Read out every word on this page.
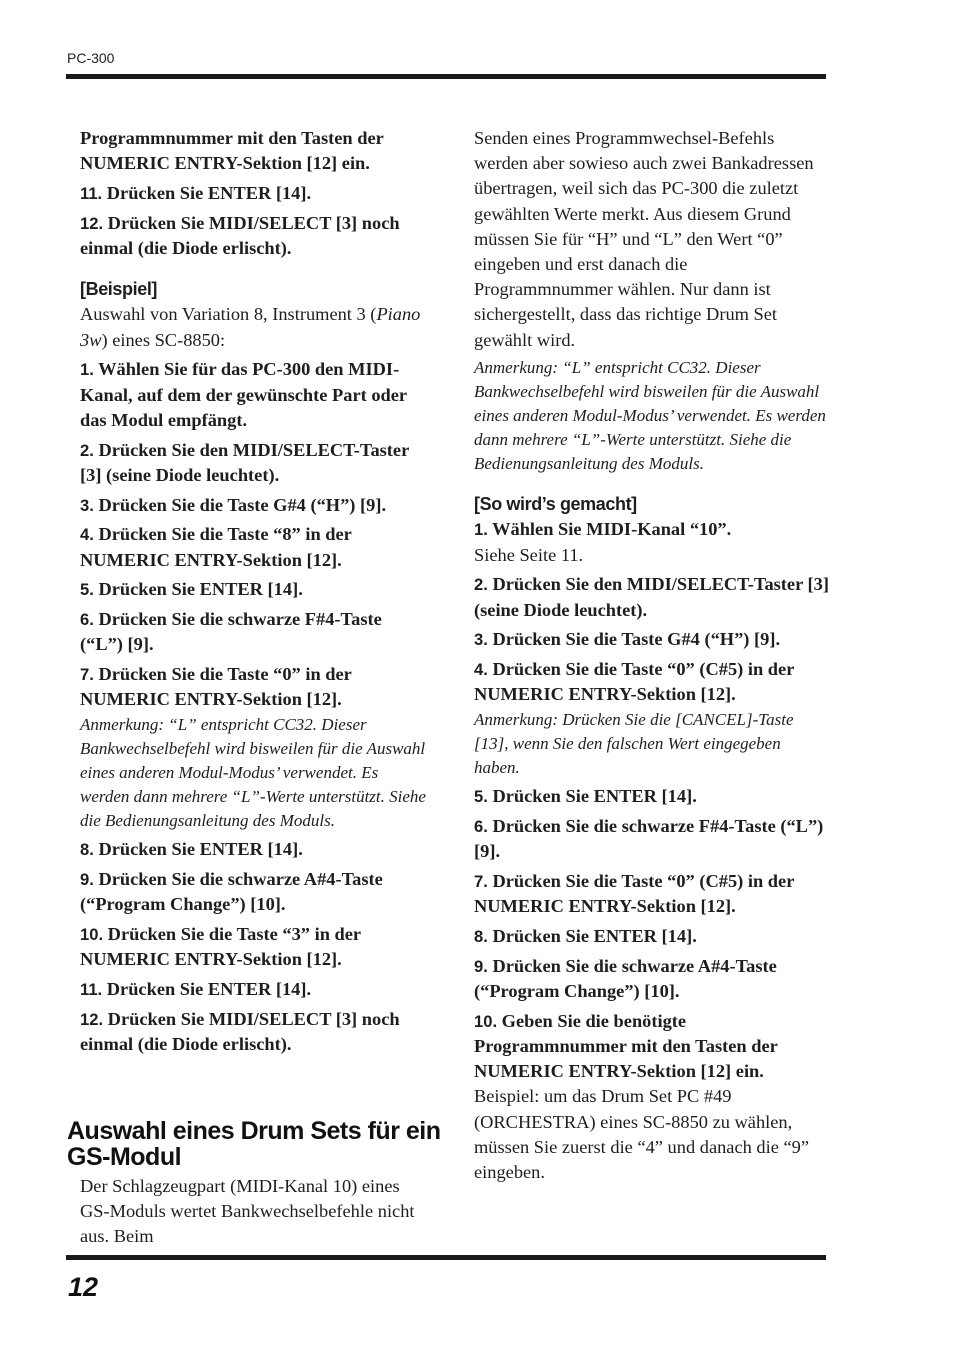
PC-300

Programmnummer mit den Tasten der NUMERIC ENTRY-Sektion [12] ein.

11. Drücken Sie ENTER [14].

12. Drücken Sie MIDI/SELECT [3] noch einmal (die Diode erlischt).

[Beispiel]

Auswahl von Variation 8, Instrument 3 (Piano 3w) eines SC-8850:

1. Wählen Sie für das PC-300 den MIDI-Kanal, auf dem der gewünschte Part oder das Modul empfängt.

2. Drücken Sie den MIDI/SELECT-Taster [3] (seine Diode leuchtet).

3. Drücken Sie die Taste G#4 (“H”) [9].

4. Drücken Sie die Taste “8” in der NUMERIC ENTRY-Sektion [12].

5. Drücken Sie ENTER [14].

6. Drücken Sie die schwarze F#4-Taste (“L”) [9].

7. Drücken Sie die Taste “0” in der NUMERIC ENTRY-Sektion [12].

Anmerkung: “L” entspricht CC32. Dieser Bankwechselbefehl wird bisweilen für die Auswahl eines anderen Modul-Modus’ verwendet. Es werden dann mehrere “L”-Werte unterstützt. Siehe die Bedienungsanleitung des Moduls.

8. Drücken Sie ENTER [14].

9. Drücken Sie die schwarze A#4-Taste (“Program Change”) [10].

10. Drücken Sie die Taste “3” in der NUMERIC ENTRY-Sektion [12].

11. Drücken Sie ENTER [14].

12. Drücken Sie MIDI/SELECT [3] noch einmal (die Diode erlischt).

Auswahl eines Drum Sets für ein GS-Modul

Der Schlagzeugpart (MIDI-Kanal 10) eines GS-Moduls wertet Bankwechselbefehle nicht aus. Beim

Senden eines Programmwechsel-Befehls werden aber sowieso auch zwei Bankadressen übertragen, weil sich das PC-300 die zuletzt gewählten Werte merkt. Aus diesem Grund müssen Sie für “H” und “L” den Wert “0” eingeben und erst danach die Programmnummer wählen. Nur dann ist sichergestellt, dass das richtige Drum Set gewählt wird.

Anmerkung: “L” entspricht CC32. Dieser Bankwechselbefehl wird bisweilen für die Auswahl eines anderen Modul-Modus’ verwendet. Es werden dann mehrere “L”-Werte unterstützt. Siehe die Bedienungsanleitung des Moduls.

[So wird’s gemacht]

1. Wählen Sie MIDI-Kanal “10”.

Siehe Seite 11.

2. Drücken Sie den MIDI/SELECT-Taster [3] (seine Diode leuchtet).

3. Drücken Sie die Taste G#4 (“H”) [9].

4. Drücken Sie die Taste “0” (C#5) in der NUMERIC ENTRY-Sektion [12].

Anmerkung: Drücken Sie die [CANCEL]-Taste [13], wenn Sie den falschen Wert eingegeben haben.

5. Drücken Sie ENTER [14].

6. Drücken Sie die schwarze F#4-Taste (“L”) [9].

7. Drücken Sie die Taste “0” (C#5) in der NUMERIC ENTRY-Sektion [12].

8. Drücken Sie ENTER [14].

9. Drücken Sie die schwarze A#4-Taste (“Program Change”) [10].

10. Geben Sie die benötigte Programmnummer mit den Tasten der NUMERIC ENTRY-Sektion [12] ein.

Beispiel: um das Drum Set PC #49 (ORCHESTRA) eines SC-8850 zu wählen, müssen Sie zuerst die “4” und danach die “9” eingeben.

12
